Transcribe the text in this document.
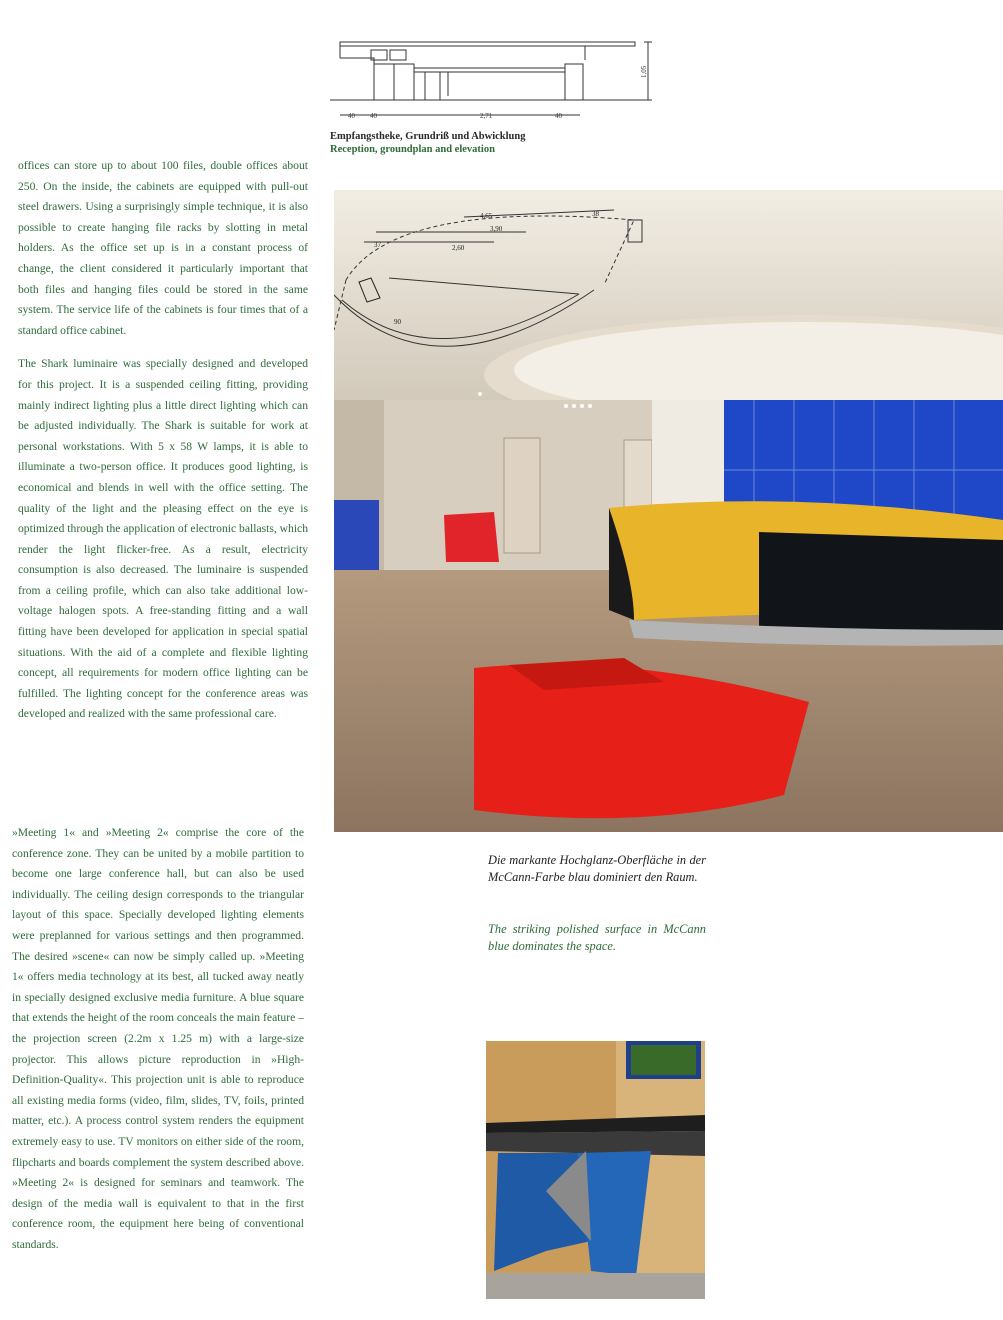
40 40	2,71	40
1,05
Empfangstheke, Grundriß und Abwicklung
Reception, groundplan and elevation

offices can store up to about 100 files, double offices about 250. On the inside, the cabinets are equipped with pull-out steel drawers. Using a surprisingly simple technique, it is also possible to create hanging file racks by slotting in metal holders. As the office set up is in a constant process of change, the client considered it particularly important that both files and hanging files could be stored in the same system. The service life of the cabinets is four times that of a standard office cabinet.

The Shark luminaire was specially designed and developed for this project. It is a suspended ceiling fitting, providing mainly indirect lighting plus a little direct lighting which can be adjusted individually. The Shark is suitable for work at personal workstations. With 5 x 58 W lamps, it is able to illuminate a two-person office. It produces good lighting, is economical and blends in well with the office setting. The quality of the light and the pleasing effect on the eye is optimized through the application of electronic ballasts, which render the light flicker-free. As a result, electricity consumption is also decreased. The luminaire is suspended from a ceiling profile, which can also take additional low-voltage halogen spots. A free-standing fitting and a wall fitting have been developed for application in special spatial situations. With the aid of a complete and flexible lighting concept, all requirements for modern office lighting can be fulfilled. The lighting concept for the conference areas was developed and realized with the same professional care.

»Meeting 1« and »Meeting 2« comprise the core of the conference zone. They can be united by a mobile partition to become one large conference hall, but can also be used individually. The ceiling design corresponds to the triangular layout of this space. Specially developed lighting elements were preplanned for various settings and then programmed. The desired »scene« can now be simply called up. »Meeting 1« offers media technology at its best, all tucked away neatly in specially designed exclusive media furniture. A blue square that extends the height of the room conceals the main feature – the projection screen (2.2m x 1.25 m) with a large-size projector. This allows picture reproduction in »High-Definition-Quality«. This projection unit is able to reproduce all existing media forms (video, film, slides, TV, foils, printed matter, etc.). A process control system renders the equipment extremely easy to use. TV monitors on either side of the room, flipcharts and boards complement the system described above. »Meeting 2« is designed for seminars and teamwork. The design of the media wall is equivalent to that in the first conference room, the equipment here being of conventional standards.

4,65
3,90
38
37	2,60
90
Die markante Hochglanz-Oberfläche in der McCann-Farbe blau dominiert den Raum.
The striking polished surface in McCann blue dominates the space.
